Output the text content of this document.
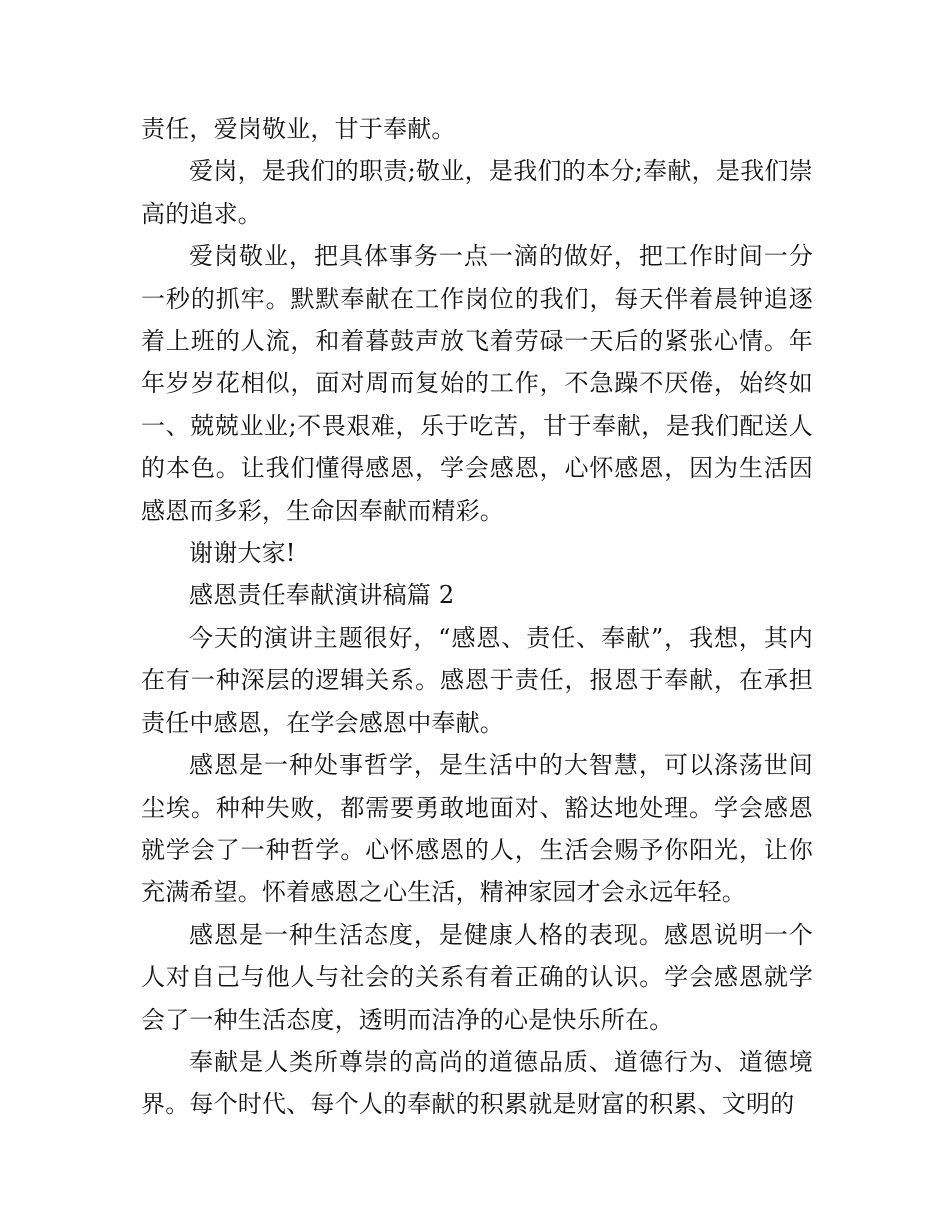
责任，爱岗敬业，甘于奉献。

爱岗，是我们的职责;敬业，是我们的本分;奉献，是我们崇高的追求。

爱岗敬业，把具体事务一点一滴的做好，把工作时间一分一秒的抓牢。默默奉献在工作岗位的我们，每天伴着晨钟追逐着上班的人流，和着暮鼓声放飞着劳碌一天后的紧张心情。年年岁岁花相似，面对周而复始的工作，不急躁不厌倦，始终如一、兢兢业业;不畏艰难，乐于吃苦，甘于奉献，是我们配送人的本色。让我们懂得感恩，学会感恩，心怀感恩，因为生活因感恩而多彩，生命因奉献而精彩。

谢谢大家!

感恩责任奉献演讲稿篇 2

今天的演讲主题很好，“感恩、责任、奉献”，我想，其内在有一种深层的逻辑关系。感恩于责任，报恩于奉献，在承担责任中感恩，在学会感恩中奉献。

感恩是一种处事哲学，是生活中的大智慧，可以涤荡世间尘埃。种种失败，都需要勇敢地面对、豁达地处理。学会感恩就学会了一种哲学。心怀感恩的人，生活会赐予你阳光，让你充满希望。怀着感恩之心生活，精神家园才会永远年轻。

感恩是一种生活态度，是健康人格的表现。感恩说明一个人对自己与他人与社会的关系有着正确的认识。学会感恩就学会了一种生活态度，透明而洁净的心是快乐所在。

奉献是人类所尊崇的高尚的道德品质、道德行为、道德境界。每个时代、每个人的奉献的积累就是财富的积累、文明的
